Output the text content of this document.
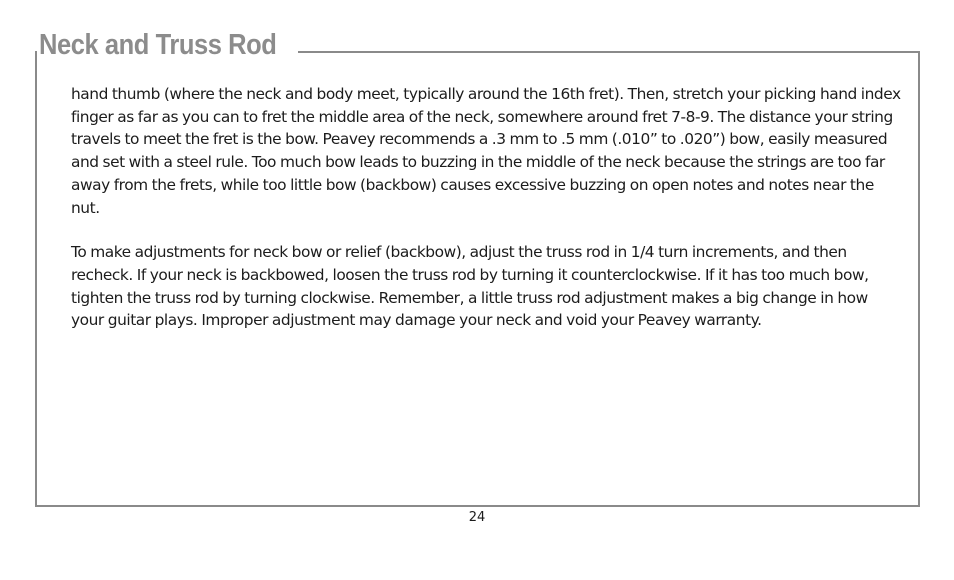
Neck and Truss Rod

hand thumb (where the neck and body meet, typically around the 16th fret). Then, stretch your picking hand index finger as far as you can to fret the middle area of the neck, somewhere around fret 7-8-9. The distance your string travels to meet the fret is the bow. Peavey recommends a .3 mm to .5 mm (.010” to .020”) bow, easily measured and set with a steel rule. Too much bow leads to buzzing in the middle of the neck because the strings are too far away from the frets, while too little bow (backbow) causes excessive buzzing on open notes and notes near the nut.

To make adjustments for neck bow or relief (backbow), adjust the truss rod in 1/4 turn increments, and then recheck. If your neck is backbowed, loosen the truss rod by turning it counterclockwise. If it has too much bow, tighten the truss rod by turning clockwise. Remember, a little truss rod adjustment makes a big change in how your guitar plays. Improper adjustment may damage your neck and void your Peavey warranty.

24
